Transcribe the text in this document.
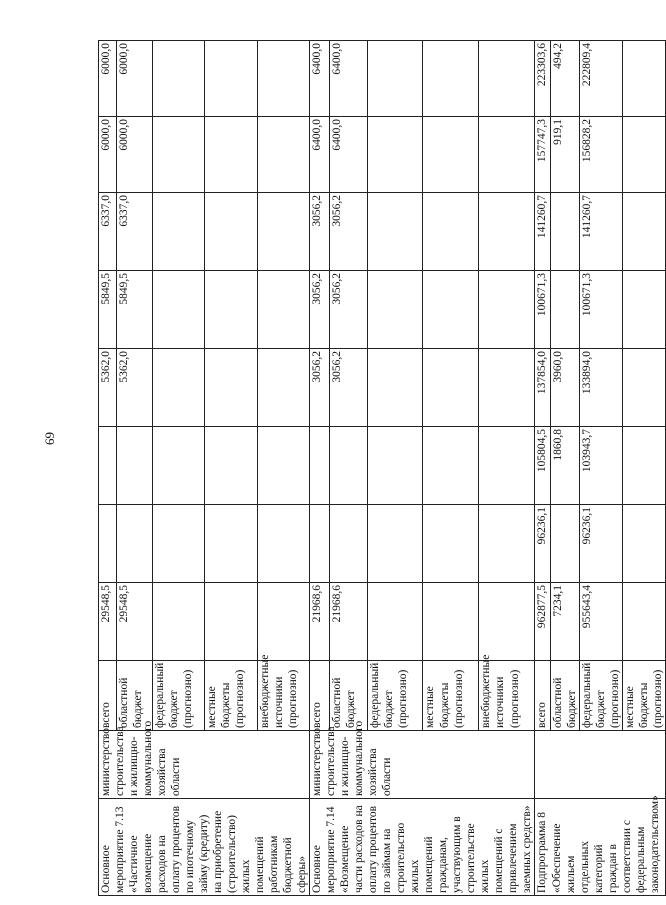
69
Основное мероприятие 7.13 «Частичное возмещение расходов на оплату процентов по ипотечному займу (кредиту) на приобретение (строительство) жилых помещений работникам бюджетной сферы»	министерство строительства и жилищно-коммунального хозяйства области	всего	29548,5			5362,0	5849,5	6337,0	6000,0	6000,0
		областной бюджет	29548,5			5362,0	5849,5	6337,0	6000,0	6000,0
		федеральный бюджет (прогнозно)								
		местные бюджеты (прогнозно)								
		внебюджетные источники (прогнозно)								
Основное мероприятие 7.14 «Возмещение части расходов на оплату процентов по займам на строительство жилых помещений гражданам, участвующим в строительстве жилых помещений с привлечением заемных средств»	министерство строительства и жилищно-коммунального хозяйства области	всего	21968,6			3056,2	3056,2	3056,2	6400,0	6400,0
		областной бюджет	21968,6			3056,2	3056,2	3056,2	6400,0	6400,0
		федеральный бюджет (прогнозно)								
		местные бюджеты (прогнозно)								
		внебюджетные источники (прогнозно)								
Подпрограмма 8 «Обеспечение жильем отдельных категорий граждан в соответствии с федеральным законодательством»		всего	962877,5	96236,1	105804,5	137854,0	100671,3	141260,7	157747,3	223303,6
		областной бюджет	7234,1		1860,8	3960,0			919,1	494,2
		федеральный бюджет (прогнозно)	955643,4	96236,1	103943,7	133894,0	100671,3	141260,7	156828,2	222809,4
		местные бюджеты (прогнозно)								
